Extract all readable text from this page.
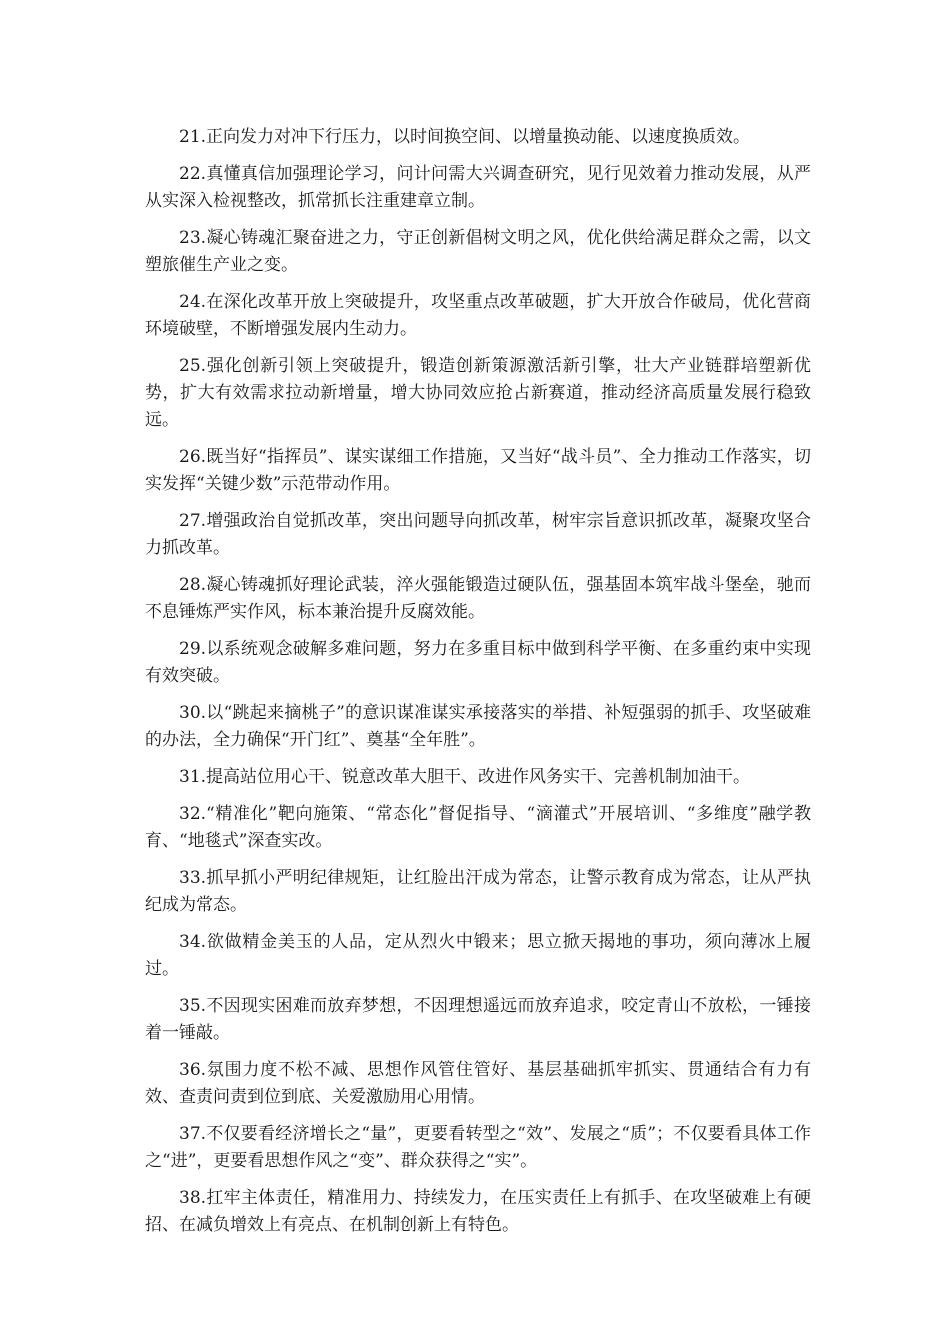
21.正向发力对冲下行压力，以时间换空间、以增量换动能、以速度换质效。

22.真懂真信加强理论学习，问计问需大兴调查研究，见行见效着力推动发展，从严从实深入检视整改，抓常抓长注重建章立制。

23.凝心铸魂汇聚奋进之力，守正创新倡树文明之风，优化供给满足群众之需，以文塑旅催生产业之变。

24.在深化改革开放上突破提升，攻坚重点改革破题，扩大开放合作破局，优化营商环境破壁，不断增强发展内生动力。

25.强化创新引领上突破提升，锻造创新策源激活新引擎，壮大产业链群培塑新优势，扩大有效需求拉动新增量，增大协同效应抢占新赛道，推动经济高质量发展行稳致远。

26.既当好“指挥员”、谋实谋细工作措施，又当好“战斗员”、全力推动工作落实，切实发挥“关键少数”示范带动作用。

27.增强政治自觉抓改革，突出问题导向抓改革，树牢宗旨意识抓改革，凝聚攻坚合力抓改革。

28.凝心铸魂抓好理论武装，淬火强能锻造过硬队伍，强基固本筑牢战斗堡垒，驰而不息锤炼严实作风，标本兼治提升反腐效能。

29.以系统观念破解多难问题，努力在多重目标中做到科学平衡、在多重约束中实现有效突破。

30.以“跳起来摘桃子”的意识谋准谋实承接落实的举措、补短强弱的抓手、攻坚破难的办法，全力确保“开门红”、奠基“全年胜”。

31.提高站位用心干、锐意改革大胆干、改进作风务实干、完善机制加油干。

32.“精准化”靶向施策、“常态化”督促指导、“滴灌式”开展培训、“多维度”融学教育、“地毯式”深查实改。

33.抓早抓小严明纪律规矩，让红脸出汗成为常态，让警示教育成为常态，让从严执纪成为常态。

34.欲做精金美玉的人品，定从烈火中锻来；思立掀天揭地的事功，须向薄冰上履过。

35.不因现实困难而放弃梦想，不因理想遥远而放弃追求，咬定青山不放松，一锤接着一锤敲。

36.氛围力度不松不减、思想作风管住管好、基层基础抓牢抓实、贯通结合有力有效、查责问责到位到底、关爱激励用心用情。

37.不仅要看经济增长之“量”，更要看转型之“效”、发展之“质”；不仅要看具体工作之“进”，更要看思想作风之“变”、群众获得之“实”。

38.扛牢主体责任，精准用力、持续发力，在压实责任上有抓手、在攻坚破难上有硬招、在减负增效上有亮点、在机制创新上有特色。
